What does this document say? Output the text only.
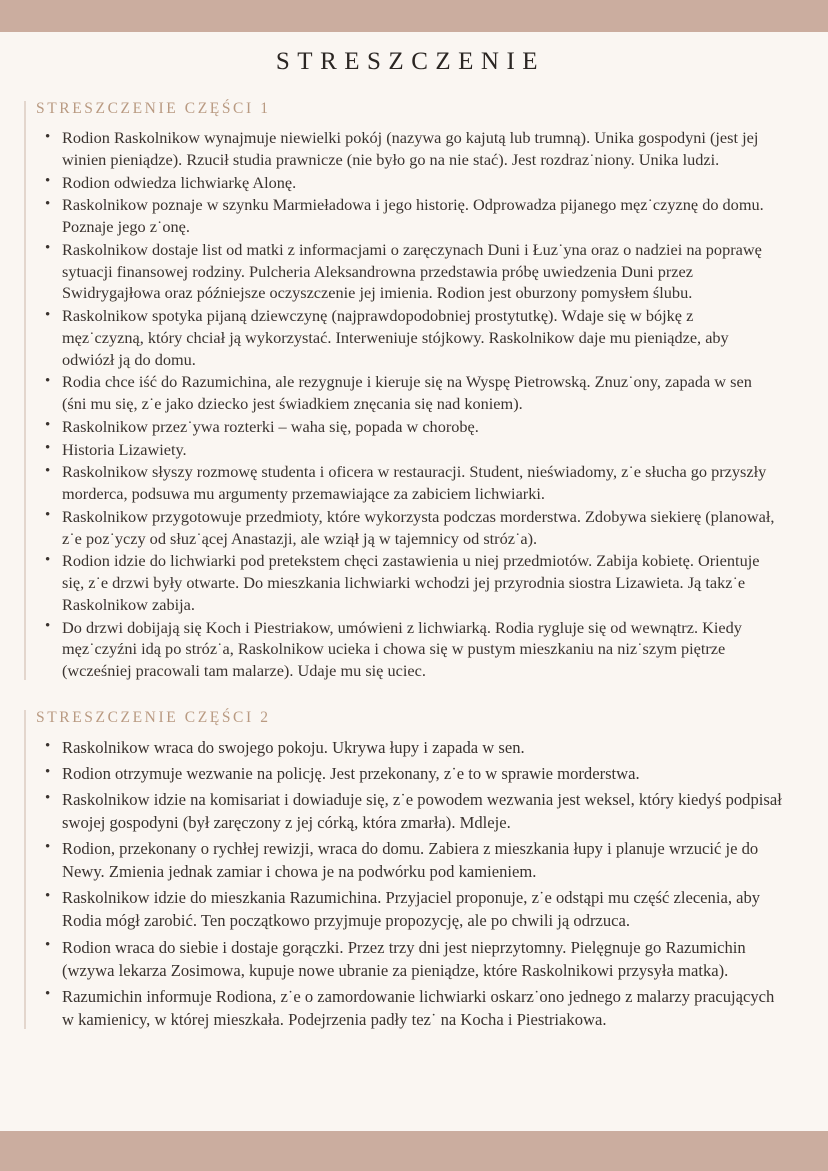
STRESZCZENIE
STRESZCZENIE CZĘŚCI 1
• Rodion Raskolnikow wynajmuje niewielki pokój (nazywa go kajutą lub trumną). Unika gospodyni (jest jej winien pieniądze). Rzucił studia prawnicze (nie było go na nie stać). Jest rozdraz˙niony. Unika ludzi.
• Rodion odwiedza lichwiarkę Alonę.
• Raskolnikow poznaje w szynku Marmieładowa i jego historię. Odprowadza pijanego męz˙czyznę do domu. Poznaje jego z˙onę.
• Raskolnikow dostaje list od matki z informacjami o zaręczynach Duni i Łuz˙yna oraz o nadziei na poprawę sytuacji finansowej rodziny. Pulcheria Aleksandrowna przedstawia próbę uwiedzenia Duni przez Swidrygajłowa oraz późniejsze oczyszczenie jej imienia. Rodion jest oburzony pomysłem ślubu.
• Raskolnikow spotyka pijaną dziewczynę (najprawdopodobniej prostytutkę). Wdaje się w bójkę z męz˙czyzną, który chciał ją wykorzystać. Interweniuje stójkowy. Raskolnikow daje mu pieniądze, aby odwiózł ją do domu.
• Rodia chce iść do Razumichina, ale rezygnuje i kieruje się na Wyspę Pietrowską. Znuz˙ony, zapada w sen (śni mu się, z˙e jako dziecko jest świadkiem znęcania się nad koniem).
• Raskolnikow przez˙ywa rozterki – waha się, popada w chorobę.
• Historia Lizawiety.
• Raskolnikow słyszy rozmowę studenta i oficera w restauracji. Student, nieświadomy, z˙e słucha go przyszły morderca, podsuwa mu argumenty przemawiające za zabiciem lichwiarki.
• Raskolnikow przygotowuje przedmioty, które wykorzysta podczas morderstwa. Zdobywa siekierę (planował, z˙e poz˙yczy od słuz˙ącej Anastazji, ale wziął ją w tajemnicy od stróz˙a).
• Rodion idzie do lichwiarki pod pretekstem chęci zastawienia u niej przedmiotów. Zabija kobietę. Orientuje się, z˙e drzwi były otwarte. Do mieszkania lichwiarki wchodzi jej przyrodnia siostra Lizawieta. Ją takz˙e Raskolnikow zabija.
• Do drzwi dobijają się Koch i Piestriakow, umówieni z lichwiarką. Rodia rygluje się od wewnątrz. Kiedy męz˙czyźni idą po stróz˙a, Raskolnikow ucieka i chowa się w pustym mieszkaniu na niz˙szym piętrze (wcześniej pracowali tam malarze). Udaje mu się uciec.
STRESZCZENIE CZĘŚCI 2
• Raskolnikow wraca do swojego pokoju. Ukrywa łupy i zapada w sen.
• Rodion otrzymuje wezwanie na policję. Jest przekonany, z˙e to w sprawie morderstwa.
• Raskolnikow idzie na komisariat i dowiaduje się, z˙e powodem wezwania jest weksel, który kiedyś podpisał swojej gospodyni (był zaręczony z jej córką, która zmarła). Mdleje.
• Rodion, przekonany o rychłej rewizji, wraca do domu. Zabiera z mieszkania łupy i planuje wrzucić je do Newy. Zmienia jednak zamiar i chowa je na podwórku pod kamieniem.
• Raskolnikow idzie do mieszkania Razumichina. Przyjaciel proponuje, z˙e odstąpi mu część zlecenia, aby Rodia mógł zarobić. Ten początkowo przyjmuje propozycję, ale po chwili ją odrzuca.
• Rodion wraca do siebie i dostaje gorączki. Przez trzy dni jest nieprzytomny. Pielęgnuje go Razumichin (wzywa lekarza Zosimowa, kupuje nowe ubranie za pieniądze, które Raskolnikowi przysyła matka).
• Razumichin informuje Rodiona, z˙e o zamordowanie lichwiarki oskarz˙ono jednego z malarzy pracujących w kamienicy, w której mieszkała. Podejrzenia padły tez˙ na Kocha i Piestriakowa.
